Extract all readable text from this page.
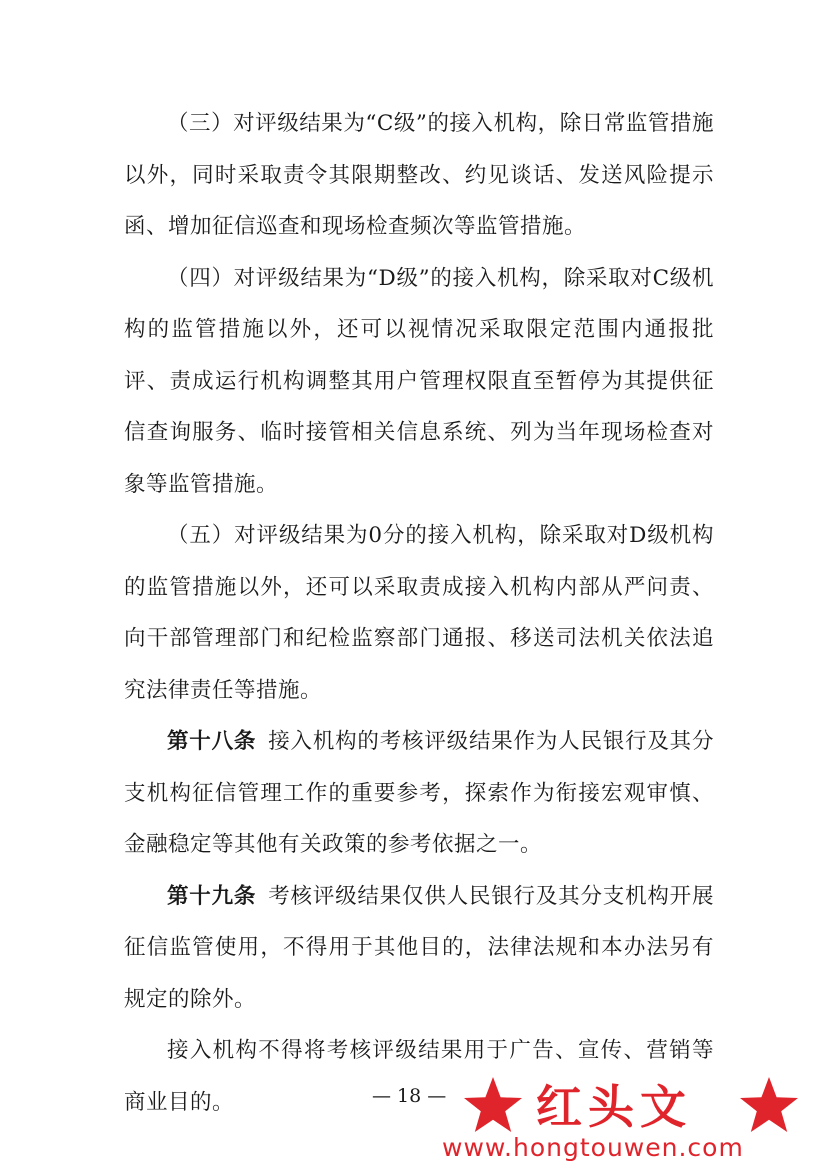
（三）对评级结果为“C级”的接入机构，除日常监管措施以外，同时采取责令其限期整改、约见谈话、发送风险提示函、增加征信巡查和现场检查频次等监管措施。

（四）对评级结果为“D级”的接入机构，除采取对C级机构的监管措施以外，还可以视情况采取限定范围内通报批评、责成运行机构调整其用户管理权限直至暂停为其提供征信查询服务、临时接管相关信息系统、列为当年现场检查对象等监管措施。

（五）对评级结果为0分的接入机构，除采取对D级机构的监管措施以外，还可以采取责成接入机构内部从严问责、向干部管理部门和纪检监察部门通报、移送司法机关依法追究法律责任等措施。

第十八条 接入机构的考核评级结果作为人民银行及其分支机构征信管理工作的重要参考，探索作为衔接宏观审慎、金融稳定等其他有关政策的参考依据之一。

第十九条 考核评级结果仅供人民银行及其分支机构开展征信监管使用，不得用于其他目的，法律法规和本办法另有规定的除外。

接入机构不得将考核评级结果用于广告、宣传、营销等商业目的。	— 18 — 红头文
www.hongtouwen.com
